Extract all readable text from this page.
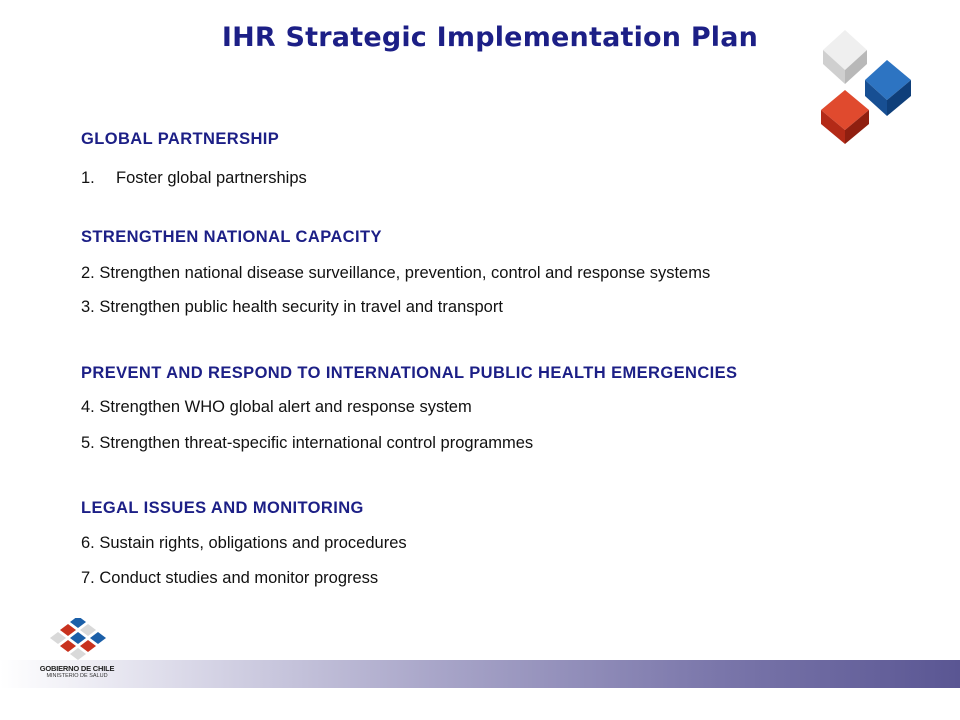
IHR Strategic Implementation Plan
GLOBAL PARTNERSHIP
1. Foster global partnerships
STRENGTHEN NATIONAL CAPACITY
2. Strengthen national disease surveillance, prevention, control and response systems
3. Strengthen public health security in travel and transport
PREVENT AND RESPOND TO INTERNATIONAL PUBLIC HEALTH EMERGENCIES
4. Strengthen WHO global alert and response system
5. Strengthen threat-specific international control programmes
LEGAL ISSUES AND MONITORING
6. Sustain rights, obligations and procedures
7. Conduct studies and monitor progress
GOBIERNO DE CHILE
MINISTERIO DE SALUD
